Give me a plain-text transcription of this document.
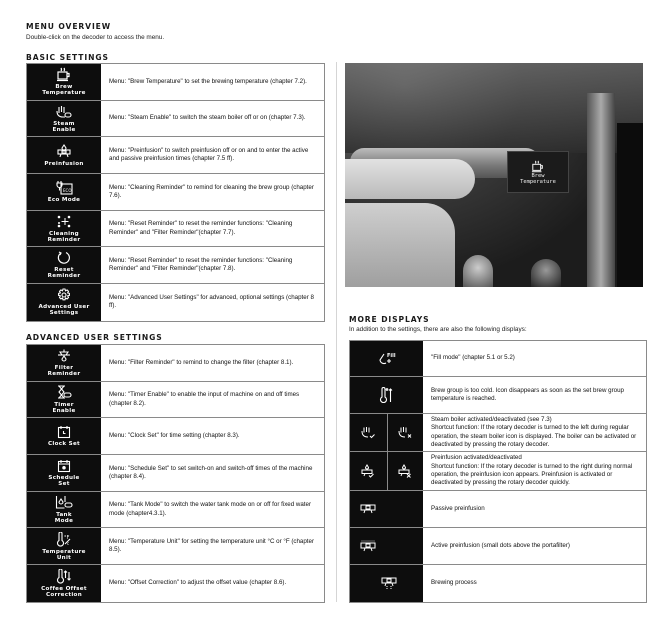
MENU OVERVIEW
Double-click on the decoder to access the menu.
BASIC SETTINGS
Brew
Temperature
Menu: "Brew Temperature" to set the brewing temperature (chapter 7.2).
Steam
Enable
Menu: "Steam Enable" to switch the steam boiler off or on (chapter 7.3).
Preinfusion
Menu: "Preinfusion" to switch preinfusion off or on and to enter the active and passive preinfusion times (chapter 7.5 ff).
ECO
Eco Mode
Menu: "Cleaning Reminder" to remind for cleaning the brew group (chapter 7.6).
Cleaning
Reminder
Menu: "Reset Reminder" to reset the reminder functions: "Cleaning Reminder" and "Filter Reminder"(chapter 7.7).
Reset
Reminder
Menu: "Reset Reminder" to reset the reminder functions: "Cleaning Reminder" and "Filter Reminder"(chapter 7.8).
Advanced User
Settings
Menu: "Advanced User Settings" for advanced, optional settings (chapter 8 ff).
ADVANCED USER SETTINGS
Filter
Reminder
Menu: "Filter Reminder" to remind to change the filter (chapter 8.1).
Timer
Enable
Menu: "Timer Enable" to enable the input of machine on and off times (chapter 8.2).
Clock Set
Menu: "Clock Set" for time setting (chapter 8.3).
Schedule
Set
Menu: "Schedule Set" to set switch-on and switch-off times of the machine (chapter 8.4).
Tank
Mode
Menu: "Tank Mode" to switch the water tank mode on or off for fixed water mode (chapter4.3.1).
°F
c
Temperature
Unit
Menu: "Temperature Unit" for setting the temperature unit °C or °F (chapter 8.5).
Coffee Offset
Correction
Menu: "Offset Correction" to adjust the offset value (chapter 8.6).
Brew
Temperature
MORE DISPLAYS
In addition to the settings, there are also the following displays:
Fill	"Fill mode" (chapter 5.1 or 5.2)
Brew group is too cold. Icon disappears as soon as the set brew group temperature is reached.
Steam boiler activated/deactivated (see 7.3)
Shortcut function: If the rotary decoder is turned to the left during regular operation, the steam boiler icon is displayed. The boiler can be activated or deactivated by pressing the rotary decoder.
Preinfusion activated/deactivated
Shortcut function: If the rotary decoder is turned to the right during normal operation, the preinfusion icon appears. Preinfusion is activated or deactivated by pressing the rotary decoder quickly.
Passive preinfusion
Active preinfusion (small dots above the portafilter)
Brewing process
